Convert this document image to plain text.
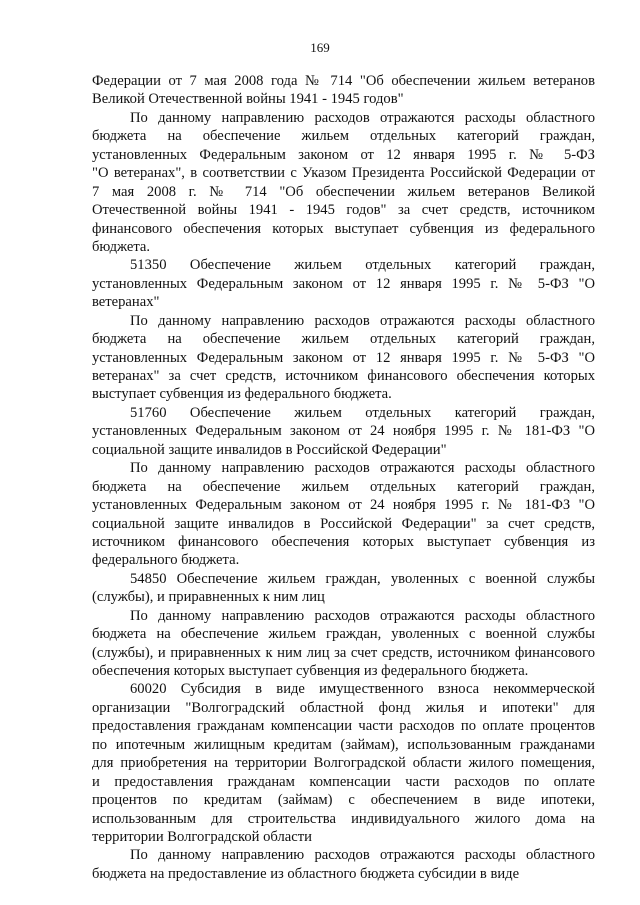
169
Федерации от 7 мая 2008 года № 714 "Об обеспечении жильем ветеранов
Великой Отечественной войны 1941 - 1945 годов"
По данному направлению расходов отражаются расходы областного
бюджета на обеспечение жильем отдельных категорий граждан,
установленных Федеральным законом от 12 января 1995 г. № 5-ФЗ
"О ветеранах", в соответствии с Указом Президента Российской Федерации от
7 мая 2008 г. № 714 "Об обеспечении жильем ветеранов Великой
Отечественной войны 1941 - 1945 годов" за счет средств, источником
финансового обеспечения которых выступает субвенция из федерального
бюджета.
51350 Обеспечение жильем отдельных категорий граждан,
установленных Федеральным законом от 12 января 1995 г. № 5-ФЗ "О
ветеранах"
По данному направлению расходов отражаются расходы областного
бюджета на обеспечение жильем отдельных категорий граждан,
установленных Федеральным законом от 12 января 1995 г. № 5-ФЗ "О
ветеранах" за счет средств, источником финансового обеспечения которых
выступает субвенция из федерального бюджета.
51760 Обеспечение жильем отдельных категорий граждан,
установленных Федеральным законом от 24 ноября 1995 г. № 181-ФЗ "О
социальной защите инвалидов в Российской Федерации"
По данному направлению расходов отражаются расходы областного
бюджета на обеспечение жильем отдельных категорий граждан,
установленных Федеральным законом от 24 ноября 1995 г. № 181-ФЗ "О
социальной защите инвалидов в Российской Федерации" за счет средств,
источником финансового обеспечения которых выступает субвенция из
федерального бюджета.
54850 Обеспечение жильем граждан, уволенных с военной службы
(службы), и приравненных к ним лиц
По данному направлению расходов отражаются расходы областного
бюджета на обеспечение жильем граждан, уволенных с военной службы
(службы), и приравненных к ним лиц за счет средств, источником финансового
обеспечения которых выступает субвенция из федерального бюджета.
60020 Субсидия в виде имущественного взноса некоммерческой
организации "Волгоградский областной фонд жилья и ипотеки" для
предоставления гражданам компенсации части расходов по оплате процентов
по ипотечным жилищным кредитам (займам), использованным гражданами
для приобретения на территории Волгоградской области жилого помещения,
и предоставления гражданам компенсации части расходов по оплате
процентов по кредитам (займам) с обеспечением в виде ипотеки,
использованным для строительства индивидуального жилого дома на
территории Волгоградской области
По данному направлению расходов отражаются расходы областного
бюджета на предоставление из областного бюджета субсидии в виде
